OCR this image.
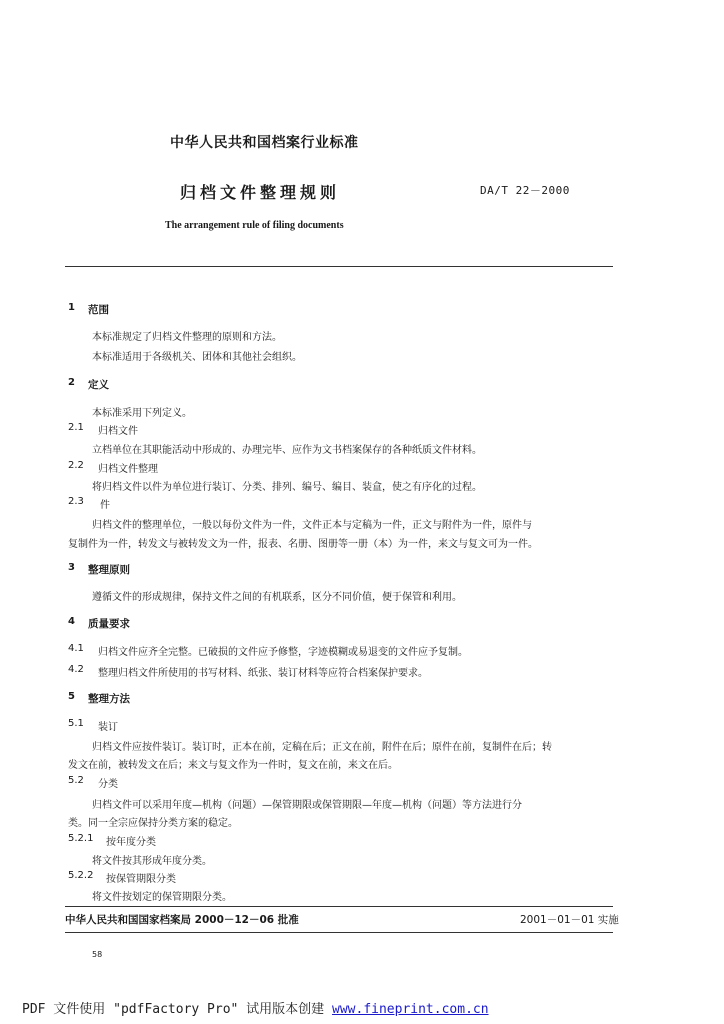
中华人民共和国档案行业标准
归档文件整理规则	DA/T 22－2000
The arrangement rule of filing documents
1 范围
本标准规定了归档文件整理的原则和方法。
本标准适用于各级机关、团体和其他社会组织。
2 定义
本标准采用下列定义。
2.1 归档文件
立档单位在其职能活动中形成的、办理完毕、应作为文书档案保存的各种纸质文件材料。
2.2 归档文件整理
将归档文件以件为单位进行装订、分类、排列、编号、编目、装盒，使之有序化的过程。
2.3 件
归档文件的整理单位，一般以每份文件为一件，文件正本与定稿为一件，正文与附件为一件，原件与
复制件为一件，转发文与被转发文为一件，报表、名册、图册等一册（本）为一件，来文与复文可为一件。
3 整理原则
遵循文件的形成规律，保持文件之间的有机联系，区分不同价值，便于保管和利用。
4 质量要求
4.1 归档文件应齐全完整。已破损的文件应予修整，字迹模糊或易退变的文件应予复制。
4.2 整理归档文件所使用的书写材料、纸张、装订材料等应符合档案保护要求。
5 整理方法
5.1 装订
归档文件应按件装订。装订时，正本在前，定稿在后；正文在前，附件在后；原件在前，复制件在后；转
发文在前，被转发文在后；来文与复文作为一件时，复文在前，来文在后。
5.2 分类
归档文件可以采用年度—机构（问题）—保管期限或保管期限—年度—机构（问题）等方法进行分
类。同一全宗应保持分类方案的稳定。
5.2.1 按年度分类
将文件按其形成年度分类。
5.2.2 按保管期限分类
将文件按划定的保管期限分类。
中华人民共和国国家档案局 2000－12－06 批准	2001－01－01 实施
58
PDF 文件使用 "pdfFactory Pro" 试用版本创建 www.fineprint.com.cn
